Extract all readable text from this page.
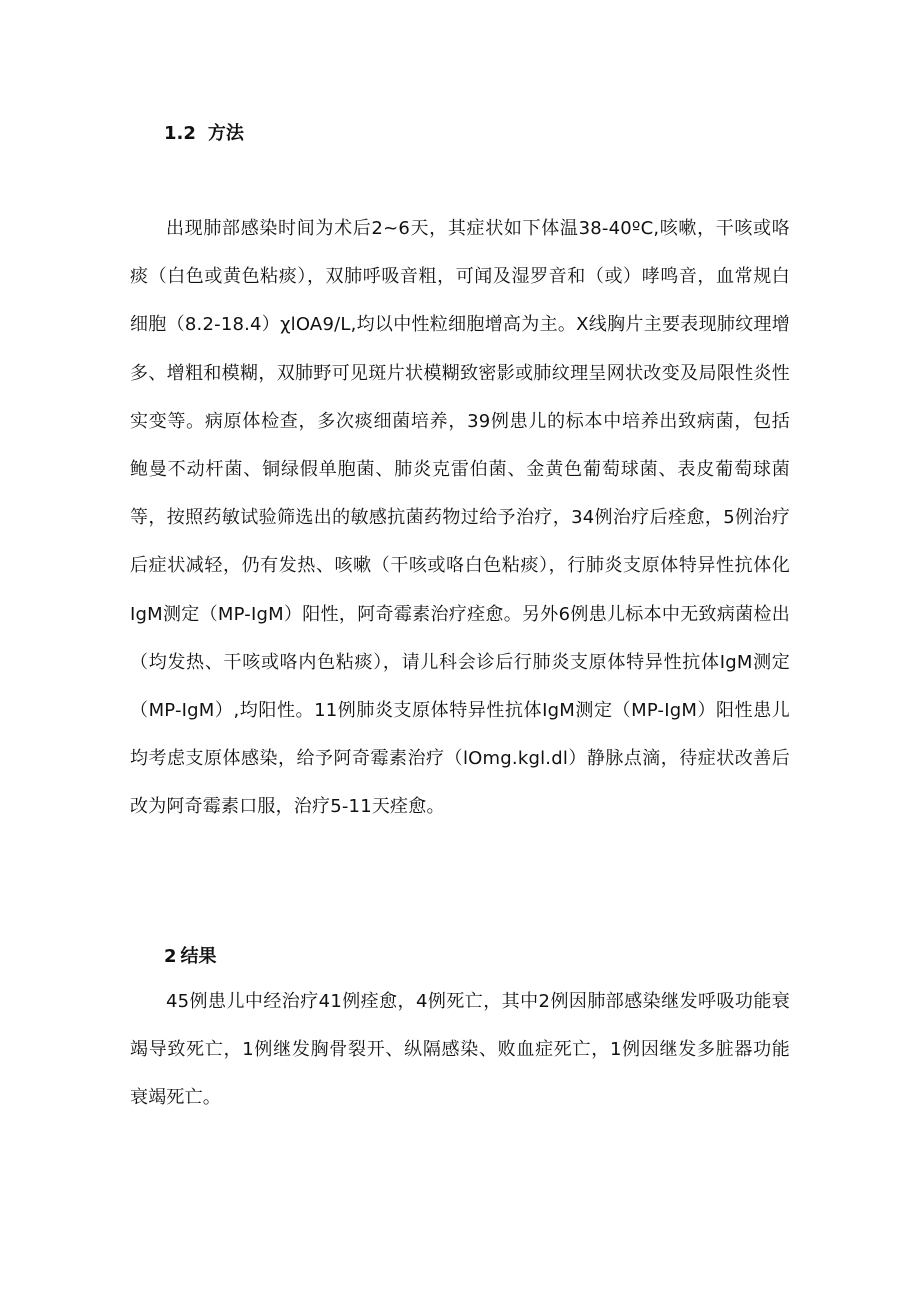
1.2 方法

出现肺部感染时间为术后2~6天，其症状如下体温38-40ºC,咳嗽，干咳或咯痰（白色或黄色粘痰），双肺呼吸音粗，可闻及湿罗音和（或）哮鸣音，血常规白细胞（8.2-18.4）χlOA9∕L,均以中性粒细胞增高为主。X线胸片主要表现肺纹理增多、增粗和模糊，双肺野可见斑片状模糊致密影或肺纹理呈网状改变及局限性炎性实变等。病原体检查，多次痰细菌培养，39例患儿的标本中培养出致病菌，包括鲍曼不动杆菌、铜绿假单胞菌、肺炎克雷伯菌、金黄色葡萄球菌、表皮葡萄球菌等，按照药敏试验筛选出的敏感抗菌药物过给予治疗，34例治疗后痊愈，5例治疗后症状减轻，仍有发热、咳嗽（干咳或咯白色粘痰），行肺炎支原体特异性抗体化IgM测定（MP-IgM）阳性，阿奇霉素治疗痊愈。另外6例患儿标本中无致病菌检出（均发热、干咳或咯内色粘痰），请儿科会诊后行肺炎支原体特异性抗体IgM测定（MP-IgM）,均阳性。11例肺炎支原体特异性抗体IgM测定（MP-IgM）阳性患儿均考虑支原体感染，给予阿奇霉素治疗（lOmg.kgl.dl）静脉点滴，待症状改善后改为阿奇霉素口服，治疗5-11天痊愈。

2 结果

45例患儿中经治疗41例痊愈，4例死亡，其中2例因肺部感染继发呼吸功能衰竭导致死亡，1例继发胸骨裂开、纵隔感染、败血症死亡，1例因继发多脏器功能衰竭死亡。
